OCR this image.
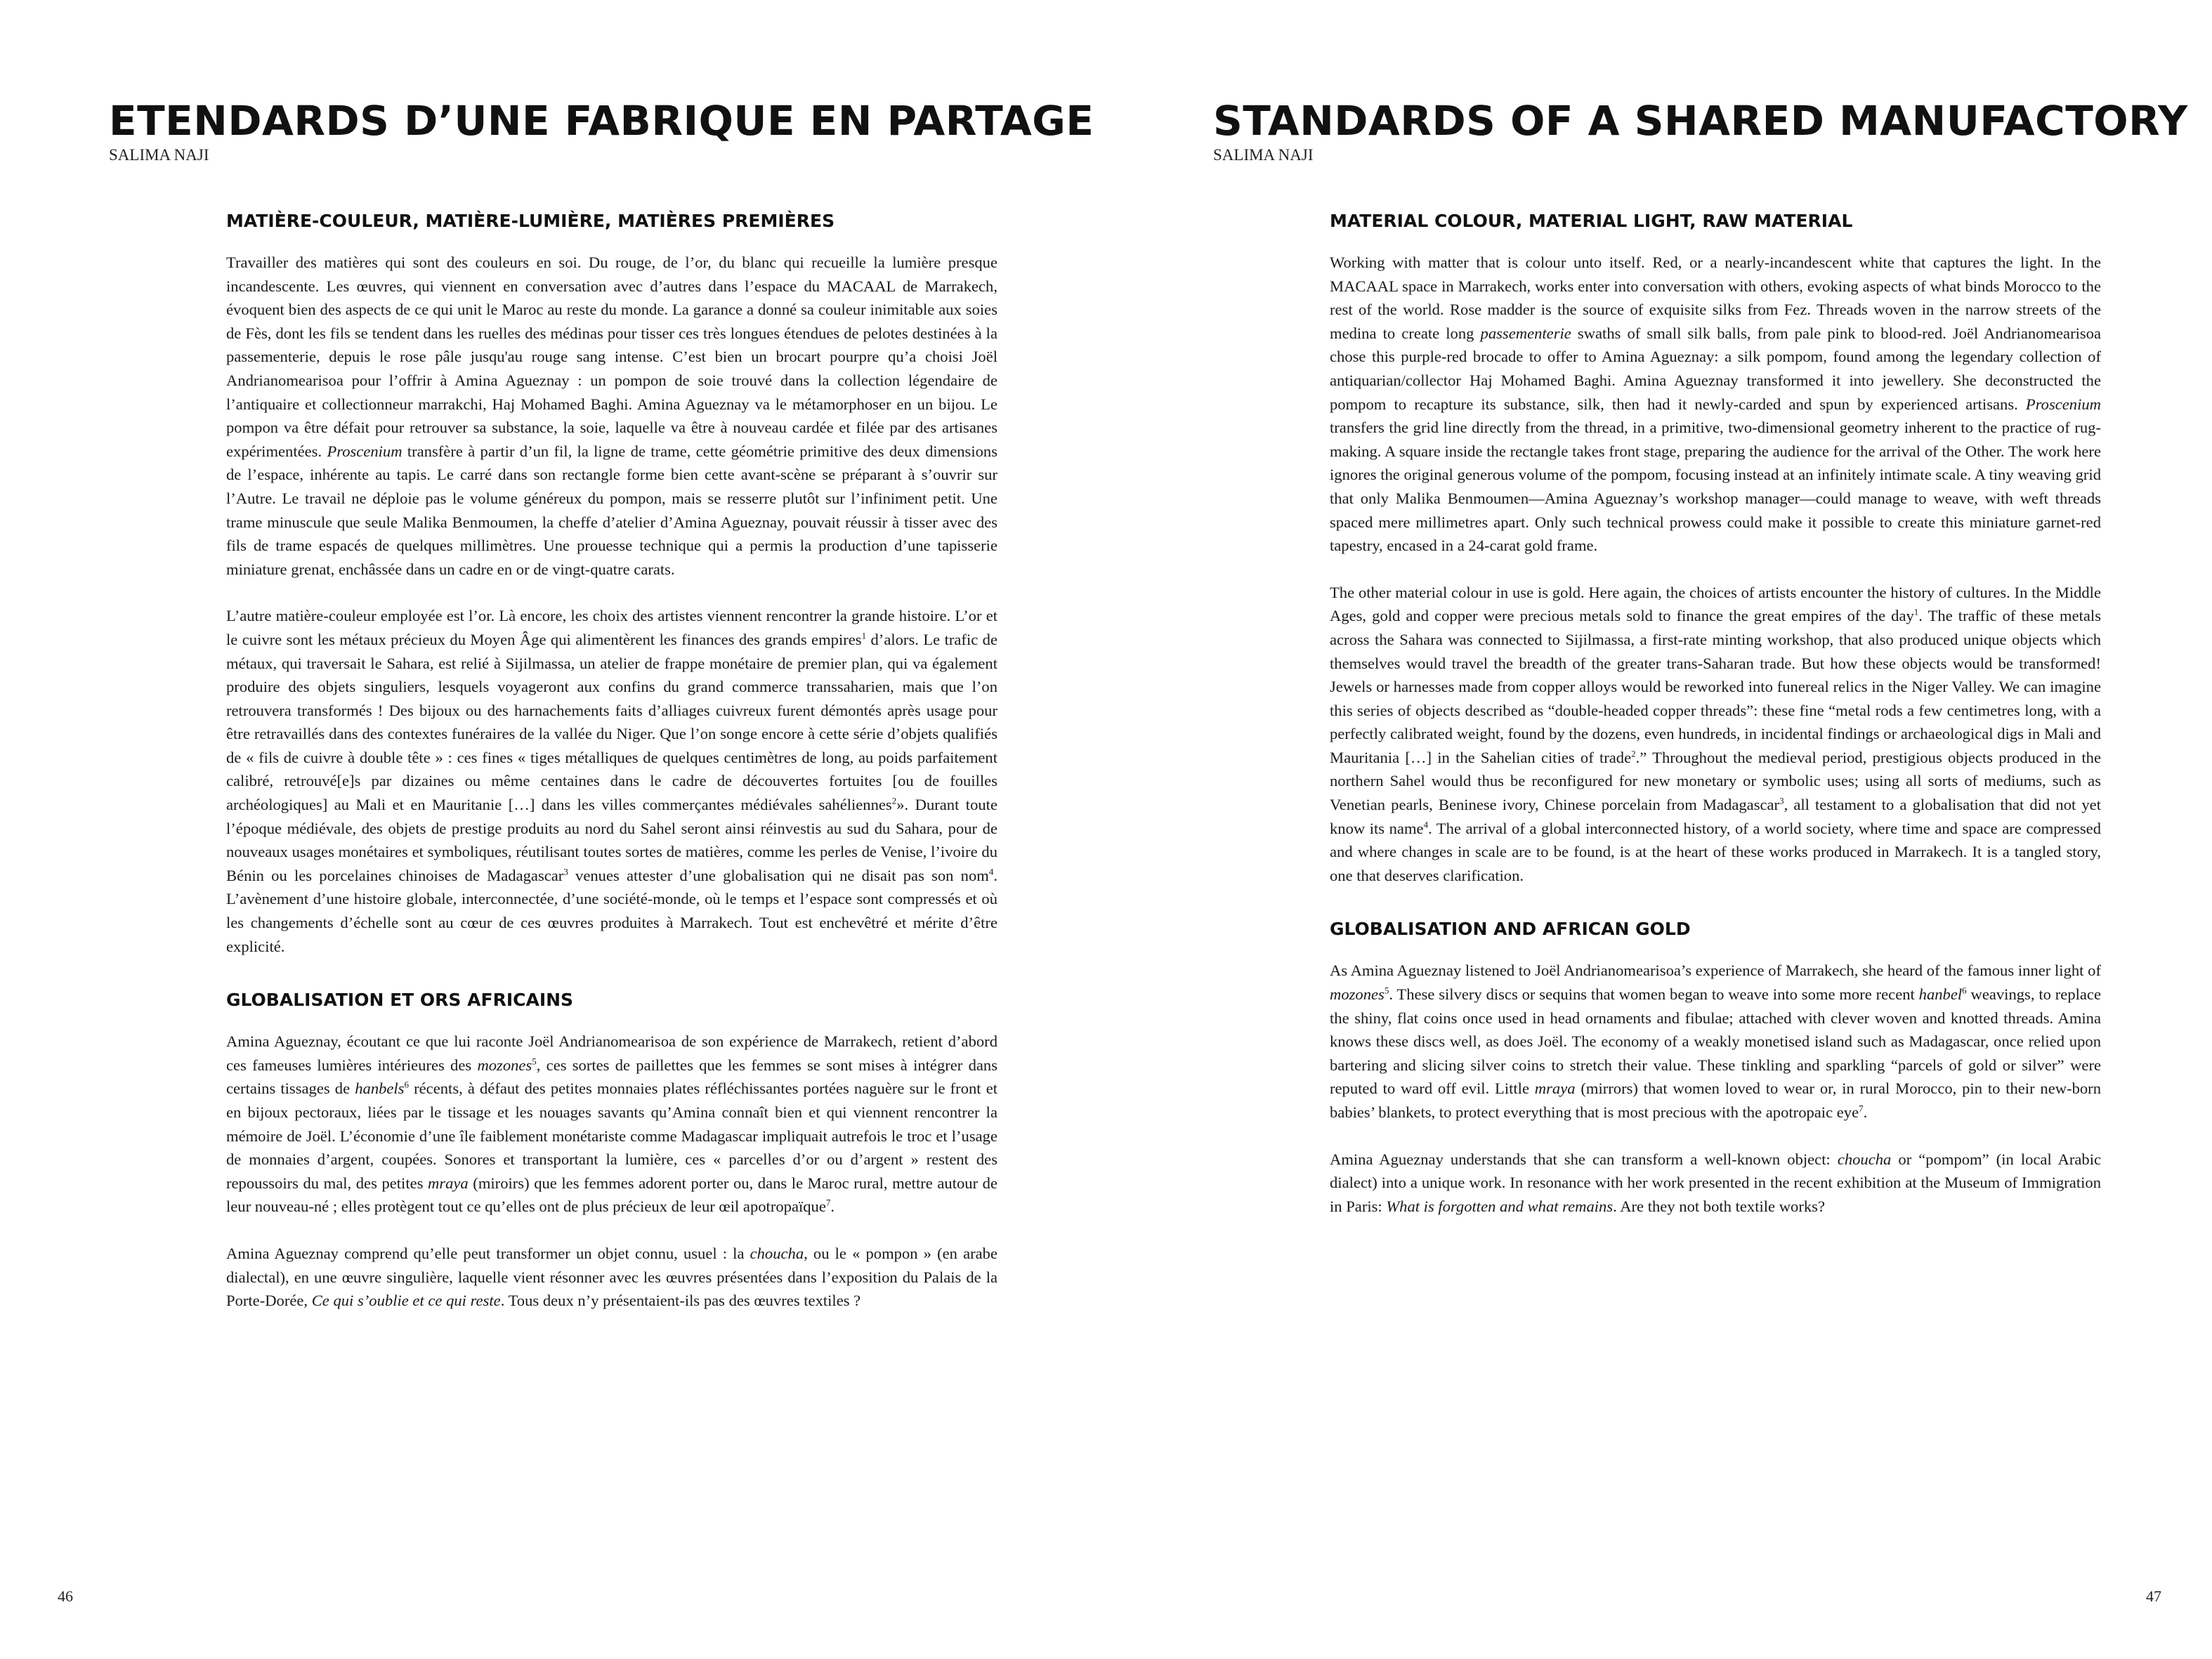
ETENDARDS D’UNE FABRIQUE EN PARTAGE
SALIMA NAJI
MATIÈRE-COULEUR, MATIÈRE-LUMIÈRE, MATIÈRES PREMIÈRES

Travailler des matières qui sont des couleurs en soi. Du rouge, de l’or, du blanc qui recueille la lumière presque incandescente. Les œuvres, qui viennent en conversation avec d’autres dans l’espace du MACAAL de Marrakech, évoquent bien des aspects de ce qui unit le Maroc au reste du monde. La garance a donné sa couleur inimitable aux soies de Fès, dont les fils se tendent dans les ruelles des médinas pour tisser ces très longues étendues de pelotes destinées à la passementerie, depuis le rose pâle jusqu'au rouge sang intense. C’est bien un brocart pourpre qu’a choisi Joël Andrianomearisoa pour l’offrir à Amina Agueznay : un pompon de soie trouvé dans la collection légendaire de l’antiquaire et collectionneur marrakchi, Haj Mohamed Baghi. Amina Agueznay va le métamorphoser en un bijou. Le pompon va être défait pour retrouver sa substance, la soie, laquelle va être à nouveau cardée et filée par des artisanes expérimentées. Proscenium transfère à partir d’un fil, la ligne de trame, cette géométrie primitive des deux dimensions de l’espace, inhérente au tapis. Le carré dans son rectangle forme bien cette avant-scène se préparant à s’ouvrir sur l’Autre. Le travail ne déploie pas le volume généreux du pompon, mais se resserre plutôt sur l’infiniment petit. Une trame minuscule que seule Malika Benmoumen, la cheffe d’atelier d’Amina Agueznay, pouvait réussir à tisser avec des fils de trame espacés de quelques millimètres. Une prouesse technique qui a permis la production d’une tapisserie miniature grenat, enchâssée dans un cadre en or de vingt-quatre carats.

L’autre matière-couleur employée est l’or. Là encore, les choix des artistes viennent rencontrer la grande histoire. L’or et le cuivre sont les métaux précieux du Moyen Âge qui alimentèrent les finances des grands empires$^1$ d’alors. Le trafic de métaux, qui traversait le Sahara, est relié à Sijilmassa, un atelier de frappe monétaire de premier plan, qui va également produire des objets singuliers, lesquels voyageront aux confins du grand commerce transsaharien, mais que l’on retrouvera transformés ! Des bijoux ou des harnachements faits d’alliages cuivreux furent démontés après usage pour être retravaillés dans des contextes funéraires de la vallée du Niger. Que l’on songe encore à cette série d’objets qualifiés de « fils de cuivre à double tête » : ces fines « tiges métalliques de quelques centimètres de long, au poids parfaitement calibré, retrouvé[e]s par dizaines ou même centaines dans le cadre de découvertes fortuites [ou de fouilles archéologiques] au Mali et en Mauritanie […] dans les villes commerçantes médiévales sahéliennes$^2$». Durant toute l’époque médiévale, des objets de prestige produits au nord du Sahel seront ainsi réinvestis au sud du Sahara, pour de nouveaux usages monétaires et symboliques, réutilisant toutes sortes de matières, comme les perles de Venise, l’ivoire du Bénin ou les porcelaines chinoises de Madagascar$^3$ venues attester d’une globalisation qui ne disait pas son nom$^4$. L’avènement d’une histoire globale, interconnectée, d’une société-monde, où le temps et l’espace sont compressés et où les changements d’échelle sont au cœur de ces œuvres produites à Marrakech. Tout est enchevêtré et mérite d’être explicité.

GLOBALISATION ET ORS AFRICAINS

Amina Agueznay, écoutant ce que lui raconte Joël Andrianomearisoa de son expérience de Marrakech, retient d’abord ces fameuses lumières intérieures des mozones$^5$, ces sortes de paillettes que les femmes se sont mises à intégrer dans certains tissages de hanbels$^6$ récents, à défaut des petites monnaies plates réfléchissantes portées naguère sur le front et en bijoux pectoraux, liées par le tissage et les nouages savants qu’Amina connaît bien et qui viennent rencontrer la mémoire de Joël. L’économie d’une île faiblement monétariste comme Madagascar impliquait autrefois le troc et l’usage de monnaies d’argent, coupées. Sonores et transportant la lumière, ces « parcelles d’or ou d’argent » restent des repoussoirs du mal, des petites mraya (miroirs) que les femmes adorent porter ou, dans le Maroc rural, mettre autour de leur nouveau-né ; elles protègent tout ce qu’elles ont de plus précieux de leur œil apotropaïque$^7$.

Amina Agueznay comprend qu’elle peut transformer un objet connu, usuel : la choucha, ou le « pompon » (en arabe dialectal), en une œuvre singulière, laquelle vient résonner avec les œuvres présentées dans l’exposition du Palais de la Porte-Dorée, Ce qui s’oublie et ce qui reste. Tous deux n’y présentaient-ils pas des œuvres textiles ?

46
STANDARDS OF A SHARED MANUFACTORY
SALIMA NAJI
MATERIAL COLOUR, MATERIAL LIGHT, RAW MATERIAL

Working with matter that is colour unto itself. Red, or a nearly-incandescent white that captures the light. In the MACAAL space in Marrakech, works enter into conversation with others, evoking aspects of what binds Morocco to the rest of the world. Rose madder is the source of exquisite silks from Fez. Threads woven in the narrow streets of the medina to create long passementerie swaths of small silk balls, from pale pink to blood-red. Joël Andrianomearisoa chose this purple-red brocade to offer to Amina Agueznay: a silk pompom, found among the legendary collection of antiquarian/collector Haj Mohamed Baghi. Amina Agueznay transformed it into jewellery. She deconstructed the pompom to recapture its substance, silk, then had it newly-carded and spun by experienced artisans. Proscenium transfers the grid line directly from the thread, in a primitive, two-dimensional geometry inherent to the practice of rug-making. A square inside the rectangle takes front stage, preparing the audience for the arrival of the Other. The work here ignores the original generous volume of the pompom, focusing instead at an infinitely intimate scale. A tiny weaving grid that only Malika Benmoumen—Amina Agueznay’s workshop manager—could manage to weave, with weft threads spaced mere millimetres apart. Only such technical prowess could make it possible to create this miniature garnet-red tapestry, encased in a 24-carat gold frame.

The other material colour in use is gold. Here again, the choices of artists encounter the history of cultures. In the Middle Ages, gold and copper were precious metals sold to finance the great empires of the day$^1$. The traffic of these metals across the Sahara was connected to Sijilmassa, a first-rate minting workshop, that also produced unique objects which themselves would travel the breadth of the greater trans-Saharan trade. But how these objects would be transformed! Jewels or harnesses made from copper alloys would be reworked into funereal relics in the Niger Valley. We can imagine this series of objects described as “double-headed copper threads”: these fine “metal rods a few centimetres long, with a perfectly calibrated weight, found by the dozens, even hundreds, in incidental findings or archaeological digs in Mali and Mauritania […] in the Sahelian cities of trade$^2$.” Throughout the medieval period, prestigious objects produced in the northern Sahel would thus be reconfigured for new monetary or symbolic uses; using all sorts of mediums, such as Venetian pearls, Beninese ivory, Chinese porcelain from Madagascar$^3$, all testament to a globalisation that did not yet know its name$^4$. The arrival of a global interconnected history, of a world society, where time and space are compressed and where changes in scale are to be found, is at the heart of these works produced in Marrakech. It is a tangled story, one that deserves clarification.

GLOBALISATION AND AFRICAN GOLD

As Amina Agueznay listened to Joël Andrianomearisoa’s experience of Marrakech, she heard of the famous inner light of mozones$^5$. These silvery discs or sequins that women began to weave into some more recent hanbel$^6$ weavings, to replace the shiny, flat coins once used in head ornaments and fibulae; attached with clever woven and knotted threads. Amina knows these discs well, as does Joël. The economy of a weakly monetised island such as Madagascar, once relied upon bartering and slicing silver coins to stretch their value. These tinkling and sparkling “parcels of gold or silver” were reputed to ward off evil. Little mraya (mirrors) that women loved to wear or, in rural Morocco, pin to their new-born babies’ blankets, to protect everything that is most precious with the apotropaic eye$^7$.

Amina Agueznay understands that she can transform a well-known object: choucha or “pompom” (in local Arabic dialect) into a unique work. In resonance with her work presented in the recent exhibition at the Museum of Immigration in Paris: What is forgotten and what remains. Are they not both textile works?

47
